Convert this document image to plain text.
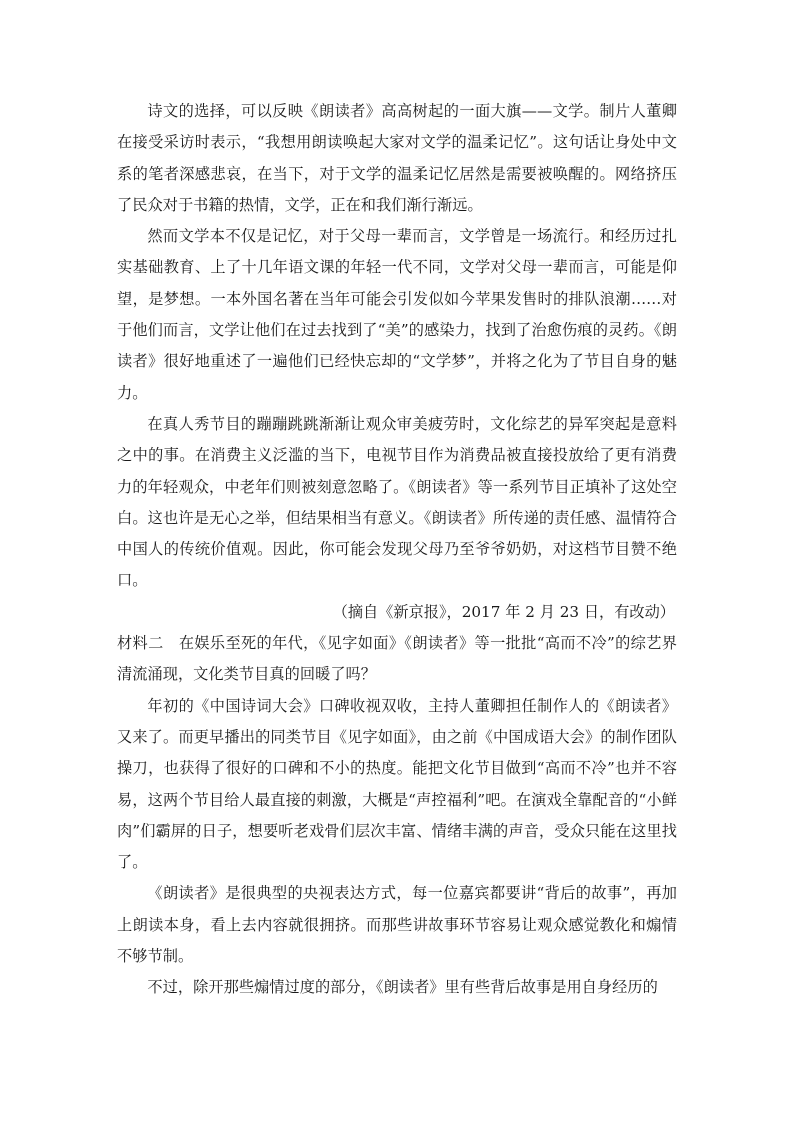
诗文的选择，可以反映《朗读者》高高树起的一面大旗——文学。制片人董卿在接受采访时表示，“我想用朗读唤起大家对文学的温柔记忆”。这句话让身处中文系的笔者深感悲哀，在当下，对于文学的温柔记忆居然是需要被唤醒的。网络挤压了民众对于书籍的热情，文学，正在和我们渐行渐远。

然而文学本不仅是记忆，对于父母一辈而言，文学曾是一场流行。和经历过扎实基础教育、上了十几年语文课的年轻一代不同，文学对父母一辈而言，可能是仰望，是梦想。一本外国名著在当年可能会引发似如今苹果发售时的排队浪潮……对于他们而言，文学让他们在过去找到了“美”的感染力，找到了治愈伤痕的灵药。《朗读者》很好地重述了一遍他们已经快忘却的“文学梦”，并将之化为了节目自身的魅力。

在真人秀节目的蹦蹦跳跳渐渐让观众审美疲劳时，文化综艺的异军突起是意料之中的事。在消费主义泛滥的当下，电视节目作为消费品被直接投放给了更有消费力的年轻观众，中老年们则被刻意忽略了。《朗读者》等一系列节目正填补了这处空白。这也许是无心之举，但结果相当有意义。《朗读者》所传递的责任感、温情符合中国人的传统价值观。因此，你可能会发现父母乃至爷爷奶奶，对这档节目赞不绝口。

（摘自《新京报》，2017 年 2 月 23 日，有改动）

材料二 在娱乐至死的年代，《见字如面》《朗读者》等一批批“高而不冷”的综艺界清流涌现，文化类节目真的回暖了吗？

年初的《中国诗词大会》口碑收视双收，主持人董卿担任制作人的《朗读者》又来了。而更早播出的同类节目《见字如面》，由之前《中国成语大会》的制作团队操刀，也获得了很好的口碑和不小的热度。能把文化节目做到“高而不冷”也并不容易，这两个节目给人最直接的刺激，大概是“声控福利”吧。在演戏全靠配音的“小鲜肉”们霸屏的日子，想要听老戏骨们层次丰富、情绪丰满的声音，受众只能在这里找了。

《朗读者》是很典型的央视表达方式，每一位嘉宾都要讲“背后的故事”，再加上朗读本身，看上去内容就很拥挤。而那些讲故事环节容易让观众感觉教化和煽情不够节制。

不过，除开那些煽情过度的部分，《朗读者》里有些背后故事是用自身经历的
